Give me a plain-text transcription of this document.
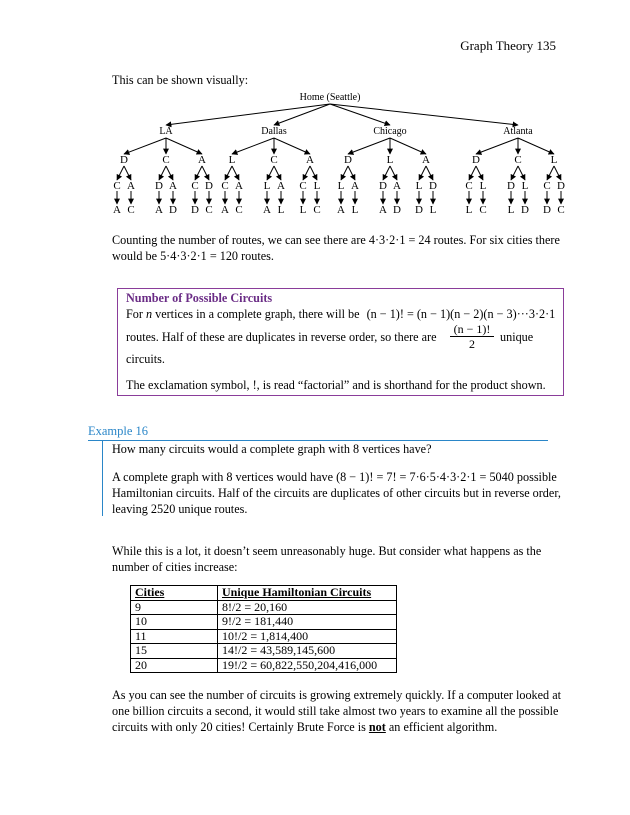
Graph Theory 135
This can be shown visually:
Home (Seattle)
LA	Dallas	Chicago	Atlanta
D	C	A L	C	A	D	L	A	D	C	L
C
A
A
C
D
A
A
D
C
D
D
C
C
A
A
C
L
A
A
L
C
L
L
C
L
A
A
L
D
A
A
D
L
D
D
L
C
L
L
C
D
L
L
D
C
D
D
C
Counting the number of routes, we can see there are 4·3·2·1 = 24 routes. For six cities there
would be 5·4·3·2·1 = 120 routes.
Number of Possible Circuits
For n vertices in a complete graph, there will be (n − 1)! = (n − 1)(n − 2)(n − 3)···3·2·1
routes. Half of these are duplicates in reverse order, so there are
(n − 1)!
2	unique
circuits.
The exclamation symbol, !, is read “factorial” and is shorthand for the product shown.
Example 16
How many circuits would a complete graph with 8 vertices have?
A complete graph with 8 vertices would have (8 − 1)! = 7! = 7·6·5·4·3·2·1 = 5040 possible
Hamiltonian circuits. Half of the circuits are duplicates of other circuits but in reverse order,
leaving 2520 unique routes.
While this is a lot, it doesn’t seem unreasonably huge. But consider what happens as the
number of cities increase:
Cities	Unique Hamiltonian Circuits
9	8!/2 = 20,160
10	9!/2 = 181,440
11	10!/2 = 1,814,400
15	14!/2 = 43,589,145,600
20	19!/2 = 60,822,550,204,416,000
As you can see the number of circuits is growing extremely quickly. If a computer looked at
one billion circuits a second, it would still take almost two years to examine all the possible
circuits with only 20 cities! Certainly Brute Force is not an efficient algorithm.
